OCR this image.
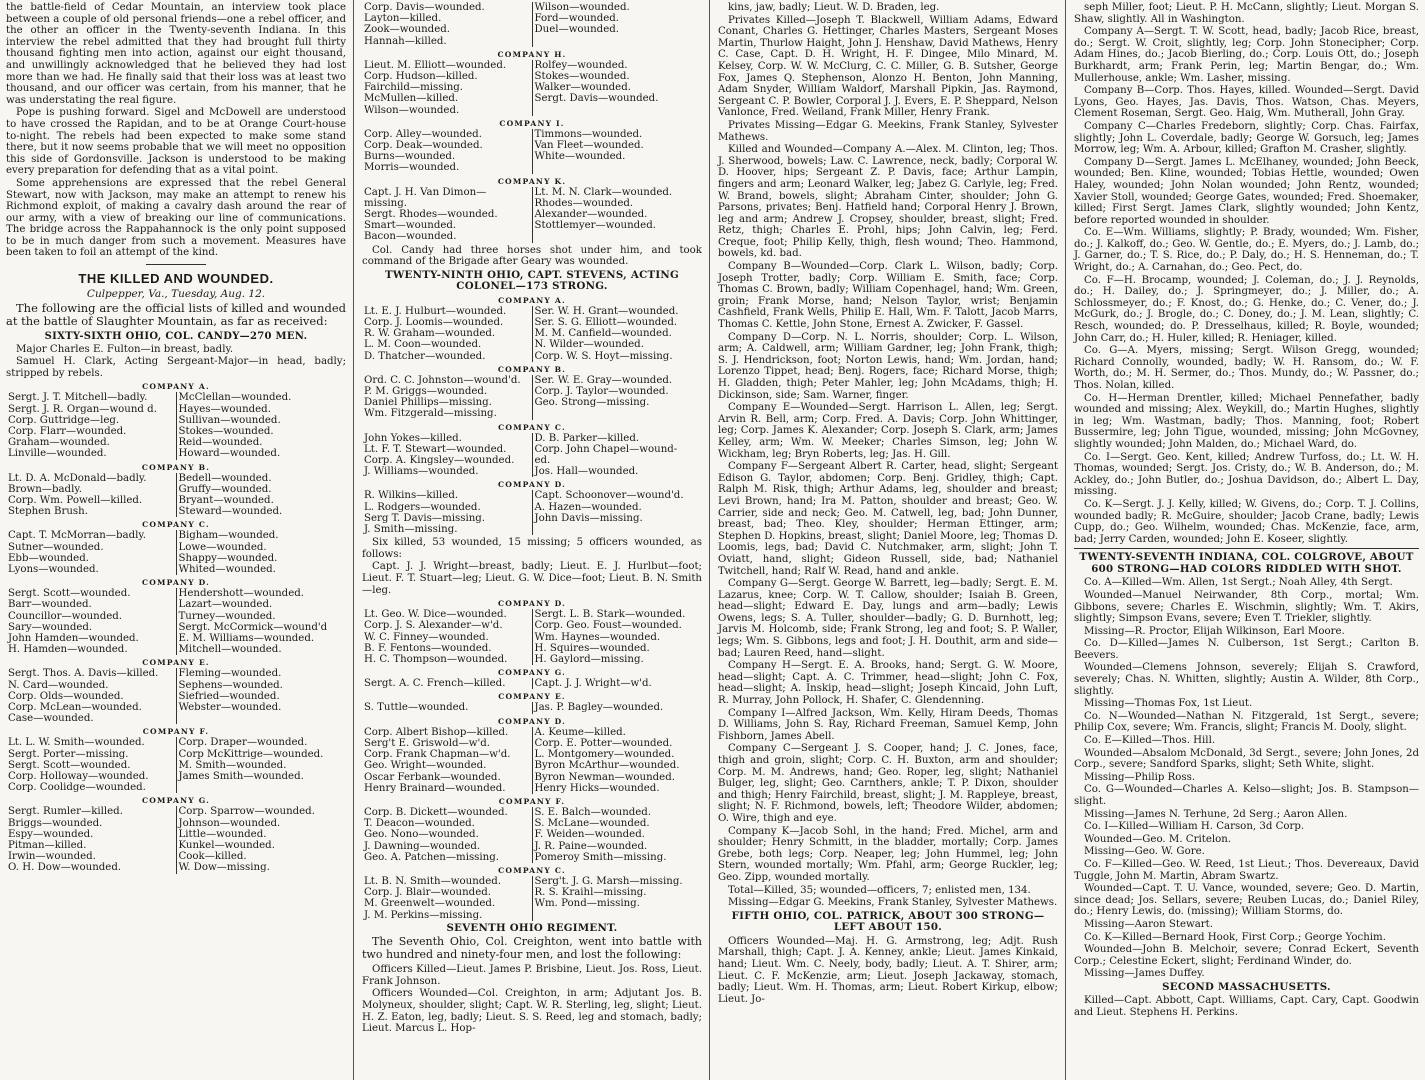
the battle-field of Cedar Mountain, an interview took place between a couple of old personal friends—one a rebel officer, and the other an officer in the Twenty-seventh Indiana. In this interview the rebel admitted that they had brought full thirty thousand fighting men into action, against our eight thousand, and unwillingly acknowledged that he believed they had lost more than we had. He finally said that their loss was at least two thousand, and our officer was certain, from his manner, that he was understating the real figure.

Pope is pushing forward. Sigel and McDowell are understood to have crossed the Rapidan, and to be at Orange Court-house to-night. The rebels had been expected to make some stand there, but it now seems probable that we will meet no opposition this side of Gordonsville. Jackson is understood to be making every preparation for defending that as a vital point.

Some apprehensions are expressed that the rebel General Stewart, now with Jackson, may make an attempt to renew his Richmond exploit, of making a cavalry dash around the rear of our army, with a view of breaking our line of communications. The bridge across the Rappahannock is the only point supposed to be in much danger from such a movement. Measures have been taken to foil an attempt of the kind.

THE KILLED AND WOUNDED.
Culpepper, Va., Tuesday, Aug. 12.
The following are the official lists of killed and wounded at the battle of Slaughter Mountain, as far as received:
SIXTY-SIXTH OHIO, COL. CANDY—270 MEN.

Major Charles E. Fulton—in breast, badly.

Samuel H. Clark, Acting Sergeant-Major—in head, badly; stripped by rebels.

COMPANY A.
Sergt. J. T. Mitchell—badly.	McClellan—wounded.
Sergt. J. R. Organ—wound d.	Hayes—wounded.
Corp. Guttridge—leg.	Sullivan—wounded.
Corp. Flarr—wounded.	Stokes—wounded.
Graham—wounded.	Reid—wounded.
Linville—wounded.	Howard—wounded.
COMPANY B.
Lt. D. A. McDonald—badly.	Bedell—wounded.
Brown—badly.	Gruffy—wounded.
Corp. Wm. Powell—killed.	Bryant—wounded.
Stephen Brush.	Steward—wounded.
COMPANY C.
Capt. T. McMorran—badly.	Bigham—wounded.
Sutner—wounded.	Lowe—wounded.
Ebb—wounded.	Shappy—wounded.
Lyons—wounded.	Whited—wounded.
COMPANY D.
Sergt. Scott—wounded.	Hendershott—wounded.
Barr—wounded.	Lazart—wounded.
Councillor—wounded.	Turney—wounded.
Sary—wounded.	Sergt. McCormick—wound'd
John Hamden—wounded.	E. M. Williams—wounded.
H. Hamden—wounded.	Mitchell—wounded.
COMPANY E.
Sergt. Thos. A. Davis—killed.	Fleming—wounded.
N. Card—wounded.	Sephens—wounded.
Corp. Olds—wounded.	Siefried—wounded.
Corp. McLean—wounded.	Webster—wounded.
Case—wounded.	
COMPANY F.
Lt. L. W. Smith—wounded.	Corp. Draper—wounded.
Sergt. Porter—missing.	Corp McKittrige—wounded.
Sergt. Scott—wounded.	M. Smith—wounded.
Corp. Holloway—wounded.	James Smith—wounded.
Corp. Coolidge—wounded.	
COMPANY G.
Sergt. Rumler—killed.	Corp. Sparrow—wounded.
Briggs—wounded.	Johnson—wounded.
Espy—wounded.	Little—wounded.
Pitman—killed.	Kunkel—wounded.
Irwin—wounded.	Cook—killed.
O. H. Dow—wounded.	W. Dow—missing.
Corp. Davis—wounded.	Wilson—wounded.
Layton—killed.	Ford—wounded.
Zook—wounded.	Duel—wounded.
Hannah—killed.	
COMPANY H.
Lieut. M. Elliott—wounded.	Rolfey—wounded.
Corp. Hudson—killed.	Stokes—wounded.
Fairchild—missing.	Walker—wounded.
McMullen—killed.	Sergt. Davis—wounded.
Wilson—wounded.	
COMPANY I.
Corp. Alley—wounded.	Timmons—wounded.
Corp. Deak—wounded.	Van Fleet—wounded.
Burns—wounded.	White—wounded.
Morris—wounded.	
COMPANY K.
Capt. J. H. Van Dimon—	Lt. M. N. Clark—wounded.
missing.	Rhodes—wounded.
Sergt. Rhodes—wounded.	Alexander—wounded.
Smart—wounded.	Stottlemyer—wounded.
Bacon—wounded.	

Col. Candy had three horses shot under him, and took command of the Brigade after Geary was wounded.

TWENTY-NINTH OHIO, CAPT. STEVENS, ACTING COLONEL—173 STRONG.
COMPANY A.
Lt. E. J. Hulburt—wounded.	Ser. W. H. Grant—wounded.
Corp. J. Loomis—wounded.	Ser. S. G. Elliott—wounded.
R. W. Graham—wounded.	M. M. Canfield—wounded.
L. M. Coon—wounded.	N. Wilder—wounded.
D. Thatcher—wounded.	Corp. W. S. Hoyt—missing.
COMPANY B.
Ord. C. C. Johnston—wound'd.	Ser. W. E. Gray—wounded.
P. M. Griggs—wounded.	Corp. J. Taylor—wounded.
Daniel Phillips—missing.	Geo. Strong—missing.
Wm. Fitzgerald—missing.	
COMPANY C.
John Yokes—killed.	D. B. Parker—killed.
Lt. F. T. Stewart—wounded.	Corp. John Chapel—wound-
Corp. A. Kingsley—wounded.	ed.
J. Williams—wounded.	Jos. Hall—wounded.
COMPANY D.
R. Wilkins—killed.	Capt. Schoonover—wound'd.
L. Rodgers—wounded.	A. Hazen—wounded.
Serg T. Davis—missing.	John Davis—missing.
J. Smith—missing.	

Six killed, 53 wounded, 15 missing; 5 officers wounded, as follows:

Capt. J. J. Wright—breast, badly; Lieut. E. J. Hurlbut—foot; Lieut. F. T. Stuart—leg; Lieut. G. W. Dice—foot; Lieut. B. N. Smith—leg.

COMPANY D.
Lt. Geo. W. Dice—wounded.	Sergt. L. B. Stark—wounded.
Corp. J. S. Alexander—w'd.	Corp. Geo. Foust—wounded.
W. C. Finney—wounded.	Wm. Haynes—wounded.
B. F. Fentons—wounded.	H. Squires—wounded.
H. C. Thompson—wounded.	H. Gaylord—missing.
COMPANY G.
Sergt. A. C. French—killed.	Capt. J. J. Wright—w'd.
COMPANY E.
S. Tuttle—wounded.	Jas. P. Bagley—wounded.
COMPANY D.
Corp. Albert Bishop—killed.	A. Keume—killed.
Serg't E. Griswold—w'd.	Corp. E. Potter—wounded.
Corp. Frank Chapman—w'd.	L. Montgomery—wounded.
Geo. Wright—wounded.	Byron McArthur—wounded.
Oscar Ferbank—wounded.	Byron Newman—wounded.
Henry Brainard—wounded.	Henry Hicks—wounded.
COMPANY F.
Corp. B. Dickett—wounded.	S. E. Balch—wounded.
T. Deacon—wounded.	S. McLane—wounded.
Geo. Nono—wounded.	F. Weiden—wounded.
J. Dawning—wounded.	J. R. Paine—wounded.
Geo. A. Patchen—missing.	Pomeroy Smith—missing.
COMPANY C.
Lt. B. N. Smith—wounded.	Serg't. J. G. Marsh—missing.
Corp. J. Blair—wounded.	R. S. Kraihl—missing.
M. Greenwelt—wounded.	Wm. Pond—missing.
J. M. Perkins—missing.	
SEVENTH OHIO REGIMENT.

The Seventh Ohio, Col. Creighton, went into battle with two hundred and ninety-four men, and lost the following:

Officers Killed—Lieut. James P. Brisbine, Lieut. Jos. Ross, Lieut. Frank Johnson.

Officers Wounded—Col. Creighton, in arm; Adjutant Jos. B. Molyneux, shoulder, slight; Capt. W. R. Sterling, leg, slight; Lieut. H. Z. Eaton, leg, badly; Lieut. S. S. Reed, leg and stomach, badly; Lieut. Marcus L. Hop-

kins, jaw, badly; Lieut. W. D. Braden, leg.
Privates Killed—Joseph T. Blackwell, William Adams, Edward Conant, Charles G. Hettinger, Charles Masters, Sergeant Moses Martin, Thurlow Haight, John J. Henshaw, David Mathews, Henry C. Case, Capt. D. H. Wright, H. F. Dingee, Milo Minard, M. Kelsey, Corp. W. W. McClurg, C. C. Miller, G. B. Sutsher, George Fox, James Q. Stephenson, Alonzo H. Benton, John Manning, Adam Snyder, William Waldorf, Marshall Pipkin, Jas. Raymond, Sergeant C. P. Bowler, Corporal J. J. Evers, E. P. Sheppard, Nelson Vanlonce, Fred. Weiland, Frank Miller, Henry Frank.
Privates Missing—Edgar G. Meekins, Frank Stanley, Sylvester Mathews.
Killed and Wounded—Company A.—Alex. M. Clinton, leg; Thos. J. Sherwood, bowels; Law. C. Lawrence, neck, badly; Corporal W. D. Hoover, hips; Sergeant Z. P. Davis, face; Arthur Lampin, fingers and arm; Leonard Walker, leg; Jabez G. Carlyle, leg; Fred. W. Brand, bowels, slight; Abraham Cinter, shoulder; John G. Parsons, privates; Benj. Hatfield hand; Corporal Henry J. Brown, leg and arm; Andrew J. Cropsey, shoulder, breast, slight; Fred. Retz, thigh; Charles E. Prohl, hips; John Calvin, leg; Ferd. Creque, foot; Philip Kelly, thigh, flesh wound; Theo. Hammond, bowels, kd. bad.
Company B—Wounded—Corp. Clark L. Wilson, badly; Corp. Joseph Trotter, badly; Corp. William E. Smith, face; Corp. Thomas C. Brown, badly; William Copenhagel, hand; Wm. Green, groin; Frank Morse, hand; Nelson Taylor, wrist; Benjamin Cashfield, Frank Wells, Philip E. Hall, Wm. F. Talott, Jacob Marrs, Thomas C. Kettle, John Stone, Ernest A. Zwicker, F. Gassel.
Company D—Corp. N. L. Norris, shoulder; Corp. L. Wilson, arm; A. Caldwell, arm; William Gardner, leg; John Frank, thigh; S. J. Hendrickson, foot; Norton Lewis, hand; Wm. Jordan, hand; Lorenzo Tippet, head; Benj. Rogers, face; Richard Morse, thigh; H. Gladden, thigh; Peter Mahler, leg; John McAdams, thigh; H. Dickinson, side; Sam. Warner, finger.
Company E—Wounded—Sergt. Harrison L. Allen, leg; Sergt. Arvin R. Bell, arm; Corp. Fred. A. Davis; Corp. John Whittinger, leg; Corp. James K. Alexander; Corp. Joseph S. Clark, arm; James Kelley, arm; Wm. W. Meeker; Charles Simson, leg; John W. Wickham, leg; Bryn Roberts, leg; Jas. H. Gill.
Company F—Sergeant Albert R. Carter, head, slight; Sergeant Edison G. Taylor, abdomen; Corp. Benj. Gridley, thigh; Capt. Ralph M. Risk, thigh; Arthur Adams, leg, shoulder and breast; Levi Brown, hand; Ira M. Patton, shoulder and breast; Geo. W. Carrier, side and neck; Geo. M. Catwell, leg, bad; John Dunner, breast, bad; Theo. Kley, shoulder; Herman Ettinger, arm; Stephen D. Hopkins, breast, slight; Daniel Moore, leg; Thomas D. Loomis, legs, bad; David C. Nutchmaker, arm, slight; John T. Oviatt, hand, slight; Gideon Russell, side, bad; Nathaniel Twitchell, hand; Ralf W. Read, hand and ankle.
Company G—Sergt. George W. Barrett, leg—badly; Sergt. E. M. Lazarus, knee; Corp. W. T. Callow, shoulder; Isaiah B. Green, head—slight; Edward E. Day, lungs and arm—badly; Lewis Owens, legs; S. A. Tuller, shoulder—badly; G. D. Burnhott, leg; Jarvis M. Holcomb, side; Frank Strong, leg and foot; S. P. Waller, legs; Wm. S. Gibbons, legs and foot; J. H. Douthit, arm and side—bad; Lauren Reed, hand—slight.
Company H—Sergt. E. A. Brooks, hand; Sergt. G. W. Moore, head—slight; Capt. A. C. Trimmer, head—slight; John C. Fox, head—slight; A. Inskip, head—slight; Joseph Kincaid, John Luft, R. Murray, John Pollock, H. Shafer, C. Glendenning.
Company I—Alfred Jackson, Wm. Kelly, Hiram Deeds, Thomas D. Williams, John S. Ray, Richard Freeman, Samuel Kemp, John Fishborn, James Abell.
Company C—Sergeant J. S. Cooper, hand; J. C. Jones, face, thigh and groin, slight; Corp. C. H. Buxton, arm and shoulder; Corp. M. M. Andrews, hand; Geo. Roper, leg, slight; Nathaniel Bulger, leg, slight; Geo. Carnthers, ankle; T. P. Dixon, shoulder and thigh; Henry Fairchild, breast, slight; J. M. Rappleye, breast, slight; N. F. Richmond, bowels, left; Theodore Wilder, abdomen; O. Wire, thigh and eye.
Company K—Jacob Sohl, in the hand; Fred. Michel, arm and shoulder; Henry Schmitt, in the bladder, mortally; Corp. James Grebe, both legs; Corp. Neaper, leg; John Hummel, leg; John Stern, wounded mortally; Wm. Pfahl, arm; George Ruckler, leg; Geo. Zipp, wounded mortally.
Total—Killed, 35; wounded—officers, 7; enlisted men, 134.
Missing—Edgar G. Meekins, Frank Stanley, Sylvester Mathews.
FIFTH OHIO, COL. PATRICK, ABOUT 300 STRONG—LEFT ABOUT 150.

Officers Wounded—Maj. H. G. Armstrong, leg; Adjt. Rush Marshall, thigh; Capt. J. A. Kenney, ankle; Lieut. James Kinkaid, hand; Lieut. Wm. C. Neely, body, badly; Lieut. A. T. Shirer, arm; Lieut. C. F. McKenzie, arm; Lieut. Joseph Jackaway, stomach, badly; Lieut. Wm. H. Thomas, arm; Lieut. Robert Kirkup, elbow; Lieut. Jo-

seph Miller, foot; Lieut. P. H. McCann, slightly; Lieut. Morgan S. Shaw, slightly. All in Washington.
Company A—Sergt. T. W. Scott, head, badly; Jacob Rice, breast, do.; Sergt. W. Croit, slightly, leg; Corp. John Stonecipher; Corp. Adam Hines, do.; Jacob Bierling, do.; Corp. Louis Ott, do.; Joseph Burkhardt, arm; Frank Perin, leg; Martin Bengar, do.; Wm. Mullerhouse, ankle; Wm. Lasher, missing.
Company B—Corp. Thos. Hayes, killed. Wounded—Sergt. David Lyons, Geo. Hayes, Jas. Davis, Thos. Watson, Chas. Meyers, Clement Roseman, Sergt. Geo. Haig, Wm. Mutherall, John Gray.
Company C—Charles Fredeborn, slightly; Corp. Chas. Fairfax, slightly; John L. Coverdale, badly; George W. Gorsuch, leg; James Morrow, leg; Wm. A. Arbour, killed; Grafton M. Crasher, slightly.
Company D—Sergt. James L. McElhaney, wounded; John Beeck, wounded; Ben. Kline, wounded; Tobias Hettle, wounded; Owen Haley, wounded; John Nolan wounded; John Rentz, wounded; Xavier Stoll, wounded; George Gates, wounded; Fred. Shoemaker, killed; First Sergt. James Clark, slightly wounded; John Kentz, before reported wounded in shoulder.
Co. E—Wm. Williams, slightly; P. Brady, wounded; Wm. Fisher, do.; J. Kalkoff, do.; Geo. W. Gentle, do.; E. Myers, do.; J. Lamb, do.; J. Garner, do.; T. S. Rice, do.; P. Daly, do.; H. S. Henneman, do.; T. Wright, do.; A. Carnahan, do.; Geo. Pect, do.
Co. F—H. Brocamp, wounded; J. Coleman, do.; J. J. Reynolds, do.; H. Dailey, do.; J. Springmeyer, do.; J. Miller, do.; A. Schlossmeyer, do.; F. Knost, do.; G. Henke, do.; C. Vener, do.; J. McGurk, do.; J. Brogle, do.; C. Doney, do.; J. M. Lean, slightly; C. Resch, wounded; do. P. Dresselhaus, killed; R. Boyle, wounded; John Carr, do.; H. Huler, killed; R. Heniager, killed.
Co. G—A. Myers, missing; Sergt. Wilson Gregg, wounded; Richard Connolly, wounded, badly; W. H. Ransom, do.; W. F. Worth, do.; M. H. Sermer, do.; Thos. Mundy, do.; W. Passner, do.; Thos. Nolan, killed.
Co. H—Herman Drentler, killed; Michael Pennefather, badly wounded and missing; Alex. Weykill, do.; Martin Hughes, slightly in leg; Wm. Wastman, badly; Thos. Manning, foot; Robert Bussermire, leg; John Tigue, wounded, missing; John McGovney, slightly wounded; John Malden, do.; Michael Ward, do.
Co. I—Sergt. Geo. Kent, killed; Andrew Turfoss, do.; Lt. W. H. Thomas, wounded; Sergt. Jos. Cristy, do.; W. B. Anderson, do.; M. Ackley, do.; John Butler, do.; Joshua Davidson, do.; Albert L. Day, missing.
Co. K—Sergt. J. J. Kelly, killed; W. Givens, do.; Corp. T. J. Collins, wounded badly; R. McGuire, shoulder; Jacob Crane, badly; Lewis Cupp, do.; Geo. Wilhelm, wounded; Chas. McKenzie, face, arm, bad; Jerry Carden, wounded; John E. Koseer, slightly.
TWENTY-SEVENTH INDIANA, COL. COLGROVE, ABOUT 600 STRONG—HAD COLORS RIDDLED WITH SHOT.
Co. A—Killed—Wm. Allen, 1st Sergt.; Noah Alley, 4th Sergt.
Wounded—Manuel Neirwander, 8th Corp., mortal; Wm. Gibbons, severe; Charles E. Wischmin, slightly; Wm. T. Akirs, slightly; Simpson Evans, severe; Even T. Triekler, slightly.
Missing—R. Proctor, Elijah Wilkinson, Earl Moore.
Co. D—Killed—James N. Culberson, 1st Sergt.; Carlton B. Beevers.
Wounded—Clemens Johnson, severely; Elijah S. Crawford, severely; Chas. N. Whitten, slightly; Austin A. Wilder, 8th Corp., slightly.
Missing—Thomas Fox, 1st Lieut.
Co. N—Wounded—Nathan N. Fitzgerald, 1st Sergt., severe; Philip Cox, severe; Wm. Francis, slight; Francis M. Dooly, slight.
Co. E—Killed—Thos. Hill.
Wounded—Absalom McDonald, 3d Sergt., severe; John Jones, 2d Corp., severe; Sandford Sparks, slight; Seth White, slight.
Missing—Philip Ross.
Co. G—Wounded—Charles A. Kelso—slight; Jos. B. Stampson—slight.
Missing—James N. Terhune, 2d Serg.; Aaron Allen.
Co. I—Killed—William H. Carson, 3d Corp.
Wounded—Geo. M. Critelon.
Missing—Geo. W. Gore.
Co. F—Killed—Geo. W. Reed, 1st Lieut.; Thos. Devereaux, David Tuggle, John M. Martin, Abram Swartz.
Wounded—Capt. T. U. Vance, wounded, severe; Geo. D. Martin, since dead; Jos. Sellars, severe; Reuben Lucas, do.; Daniel Riley, do.; Henry Lewis, do. (missing); William Storms, do.
Missing—Aaron Stewart.
Co. K—Killed—Bernard Hook, First Corp.; George Yochim.
Wounded—John B. Melchoir, severe; Conrad Eckert, Seventh Corp.; Celestine Eckert, slight; Ferdinand Winder, do.
Missing—James Duffey.
SECOND MASSACHUSETTS.

Killed—Capt. Abbott, Capt. Williams, Capt. Cary, Capt. Goodwin and Lieut. Stephens H. Perkins.
